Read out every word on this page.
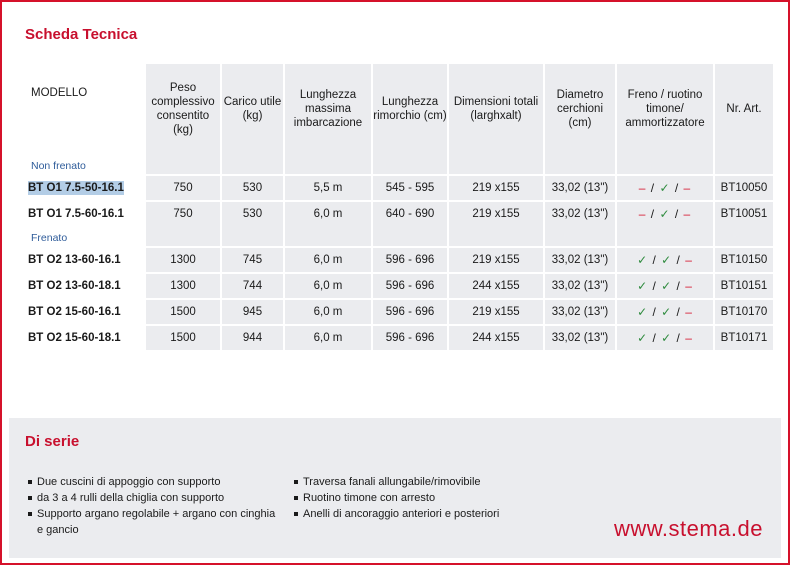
Scheda Tecnica
MODELLO	Peso complessivo consentito (kg)	Carico utile (kg)	Lunghezza massima imbarcazione	Lunghezza rimorchio (cm)	Dimensioni totali (larghxalt)	Diametro cerchioni (cm)	Freno / ruotino timone/ ammortizzatore	Nr. Art.
Non frenato								
BT O1 7.5-50-16.1	750	530	5,5 m	545 - 595	219 x155	33,02 (13")	– / ✓ / –	BT10050
BT O1 7.5-60-16.1	750	530	6,0 m	640 - 690	219 x155	33,02 (13")	– / ✓ / –	BT10051
Frenato								
BT O2 13-60-16.1	1300	745	6,0 m	596 - 696	219 x155	33,02 (13")	✓ / ✓ / –	BT10150
BT O2 13-60-18.1	1300	744	6,0 m	596 - 696	244 x155	33,02 (13")	✓ / ✓ / –	BT10151
BT O2 15-60-16.1	1500	945	6,0 m	596 - 696	219 x155	33,02 (13")	✓ / ✓ / –	BT10170
BT O2 15-60-18.1	1500	944	6,0 m	596 - 696	244 x155	33,02 (13")	✓ / ✓ / –	BT10171
Di serie
Due cuscini di appoggio con supporto
da 3 a 4 rulli della chiglia con supporto
Supporto argano regolabile + argano con cinghia e gancio
Traversa fanali allungabile/rimovibile
Ruotino timone con arresto
Anelli di ancoraggio anteriori e posteriori
www.stema.de
